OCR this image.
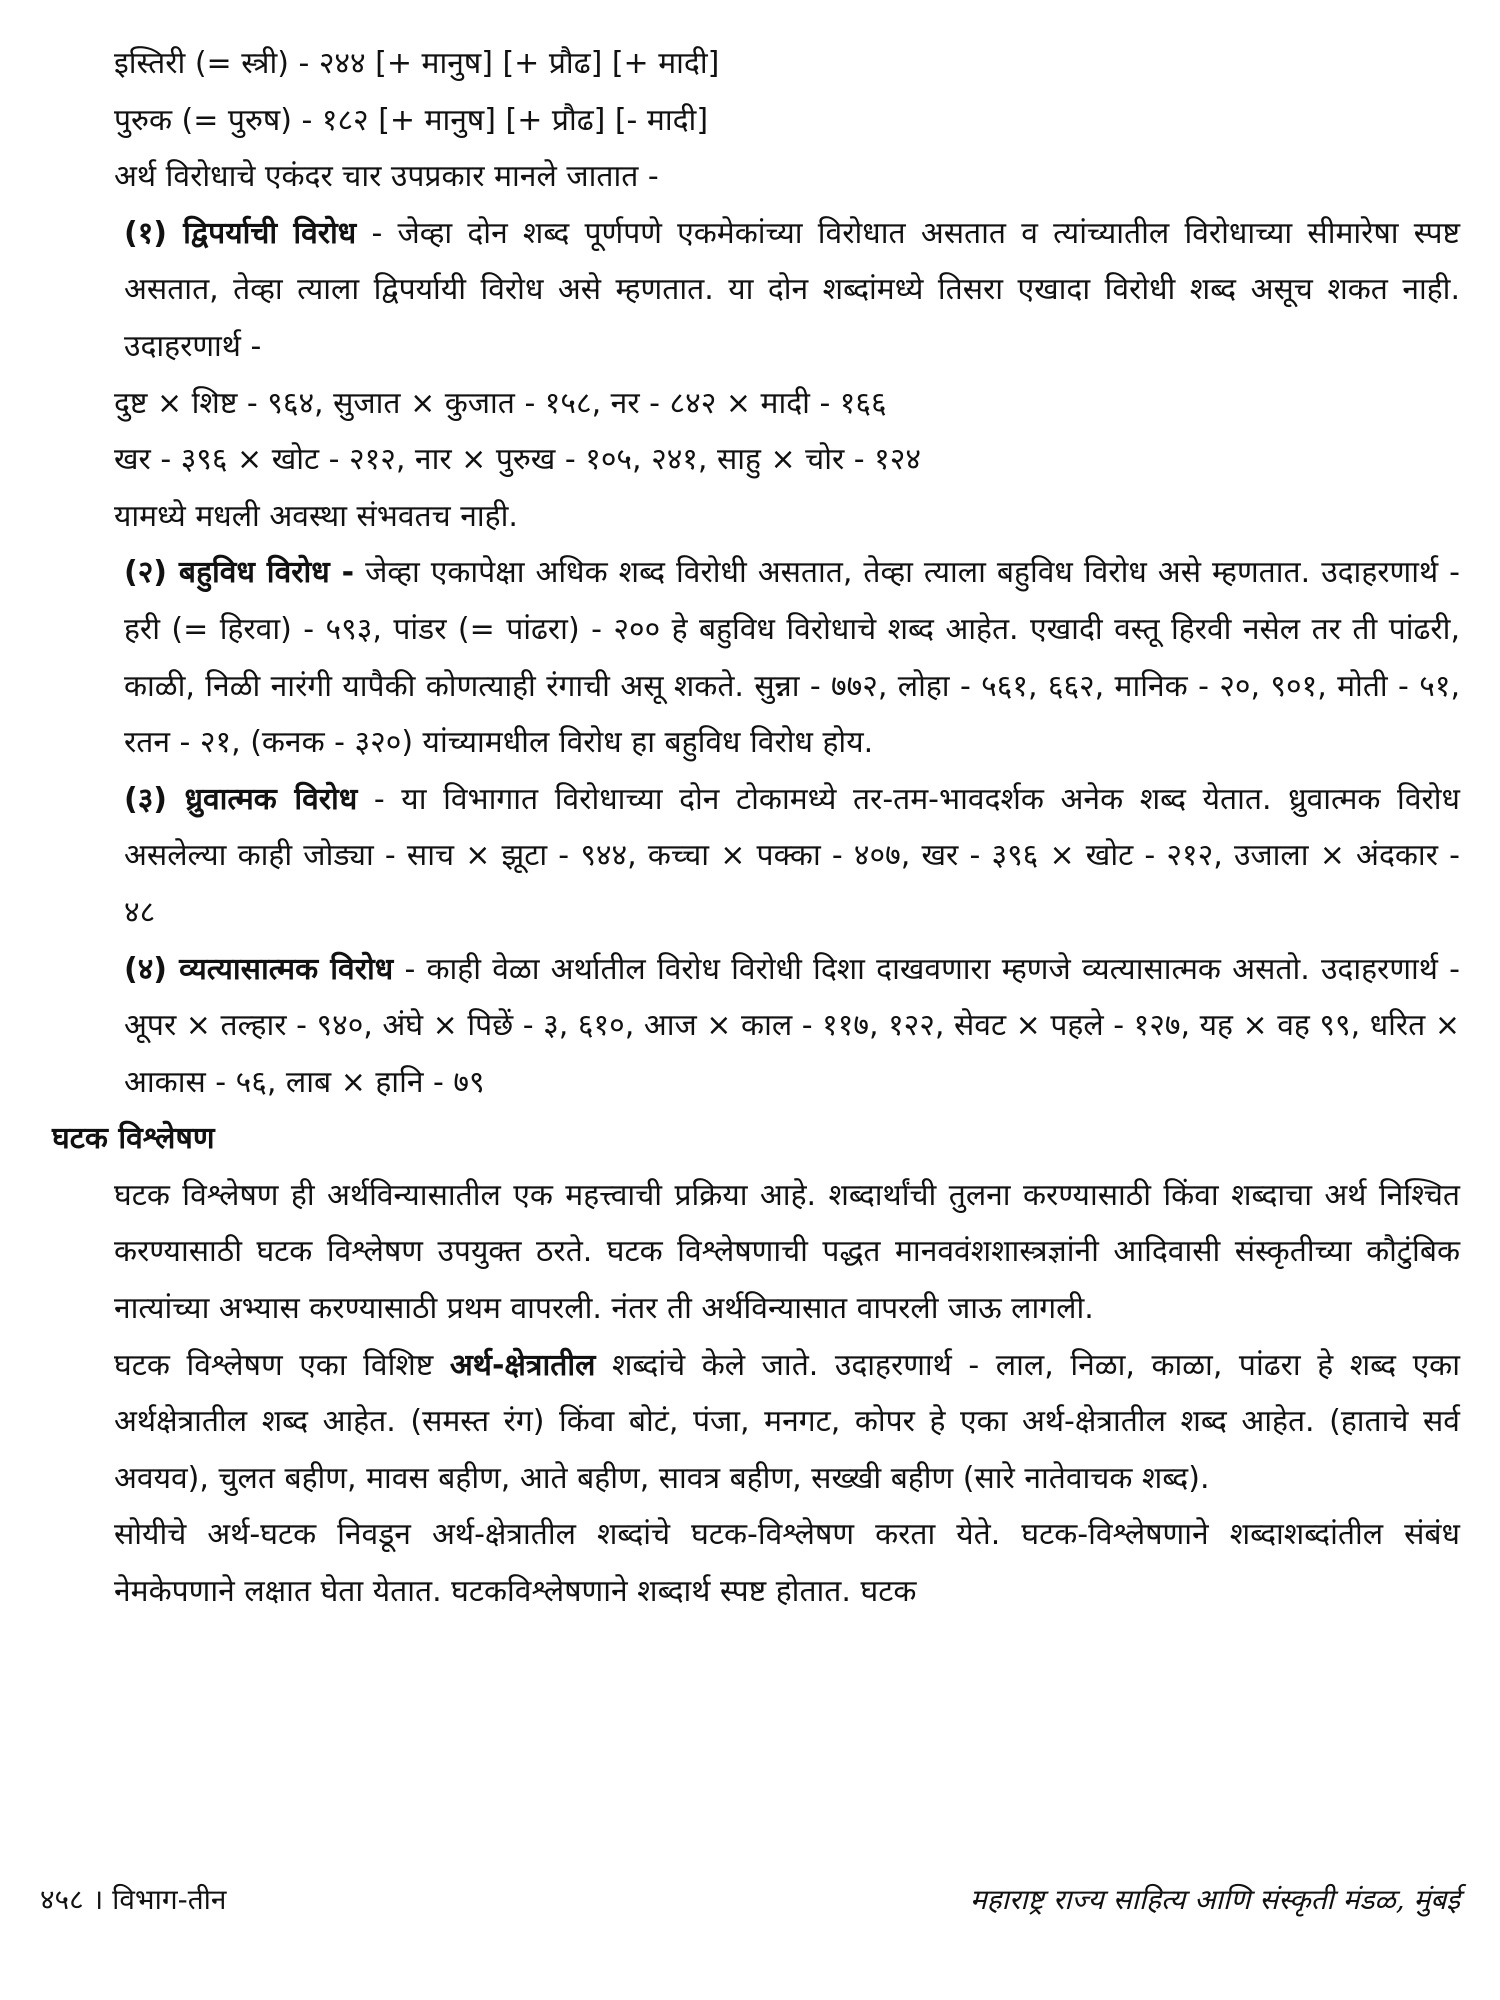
इस्तिरी (= स्त्री) - २४४ [+ मानुष] [+ प्रौढ] [+ मादी]

पुरुक (= पुरुष) - १८२ [+ मानुष] [+ प्रौढ] [- मादी]

अर्थ विरोधाचे एकंदर चार उपप्रकार मानले जातात -

(१) द्विपर्याची विरोध - जेव्हा दोन शब्द पूर्णपणे एकमेकांच्या विरोधात असतात व त्यांच्यातील विरोधाच्या सीमारेषा स्पष्ट असतात, तेव्हा त्याला द्विपर्यायी विरोध असे म्हणतात. या दोन शब्दांमध्ये तिसरा एखादा विरोधी शब्द असूच शकत नाही. उदाहरणार्थ -

दुष्ट × शिष्ट - ९६४, सुजात × कुजात - १५८, नर - ८४२ × मादी - १६६

खर - ३९६ × खोट - २१२, नार × पुरुख - १०५, २४१, साहु × चोर - १२४

यामध्ये मधली अवस्था संभवतच नाही.

(२) बहुविध विरोध - जेव्हा एकापेक्षा अधिक शब्द विरोधी असतात, तेव्हा त्याला बहुविध विरोध असे म्हणतात. उदाहरणार्थ - हरी (= हिरवा) - ५९३, पांडर (= पांढरा) - २०० हे बहुविध विरोधाचे शब्द आहेत. एखादी वस्तू हिरवी नसेल तर ती पांढरी, काळी, निळी नारंगी यापैकी कोणत्याही रंगाची असू शकते. सुन्ना - ७७२, लोहा - ५६१, ६६२, मानिक - २०, ९०१, मोती - ५१, रतन - २१, (कनक - ३२०) यांच्यामधील विरोध हा बहुविध विरोध होय.

(३) ध्रुवात्मक विरोध - या विभागात विरोधाच्या दोन टोकामध्ये तर-तम-भावदर्शक अनेक शब्द येतात. ध्रुवात्मक विरोध असलेल्या काही जोड्या - साच × झूटा - ९४४, कच्चा × पक्का - ४०७, खर - ३९६ × खोट - २१२, उजाला × अंदकार - ४८

(४) व्यत्यासात्मक विरोध - काही वेळा अर्थातील विरोध विरोधी दिशा दाखवणारा म्हणजे व्यत्यासात्मक असतो. उदाहरणार्थ - अूपर × तल्हार - ९४०, अंघे × पिछें - ३, ६१०, आज × काल - ११७, १२२, सेवट × पहले - १२७, यह × वह ९९, धरित × आकास - ५६, लाब × हानि - ७९

घटक विश्लेषण

घटक विश्लेषण ही अर्थविन्यासातील एक महत्त्वाची प्रक्रिया आहे. शब्दार्थांची तुलना करण्यासाठी किंवा शब्दाचा अर्थ निश्चित करण्यासाठी घटक विश्लेषण उपयुक्त ठरते. घटक विश्लेषणाची पद्धत मानववंशशास्त्रज्ञांनी आदिवासी संस्कृतीच्या कौटुंबिक नात्यांच्या अभ्यास करण्यासाठी प्रथम वापरली. नंतर ती अर्थविन्यासात वापरली जाऊ लागली.

घटक विश्लेषण एका विशिष्ट अर्थ-क्षेत्रातील शब्दांचे केले जाते. उदाहरणार्थ - लाल, निळा, काळा, पांढरा हे शब्द एका अर्थक्षेत्रातील शब्द आहेत. (समस्त रंग) किंवा बोटं, पंजा, मनगट, कोपर हे एका अर्थ-क्षेत्रातील शब्द आहेत. (हाताचे सर्व अवयव), चुलत बहीण, मावस बहीण, आते बहीण, सावत्र बहीण, सख्खी बहीण (सारे नातेवाचक शब्द).

सोयीचे अर्थ-घटक निवडून अर्थ-क्षेत्रातील शब्दांचे घटक-विश्लेषण करता येते. घटक-विश्लेषणाने शब्दाशब्दांतील संबंध नेमकेपणाने लक्षात घेता येतात. घटकविश्लेषणाने शब्दार्थ स्पष्ट होतात. घटक

४५८ । विभाग-तीन	महाराष्ट्र राज्य साहित्य आणि संस्कृती मंडळ, मुंबई
